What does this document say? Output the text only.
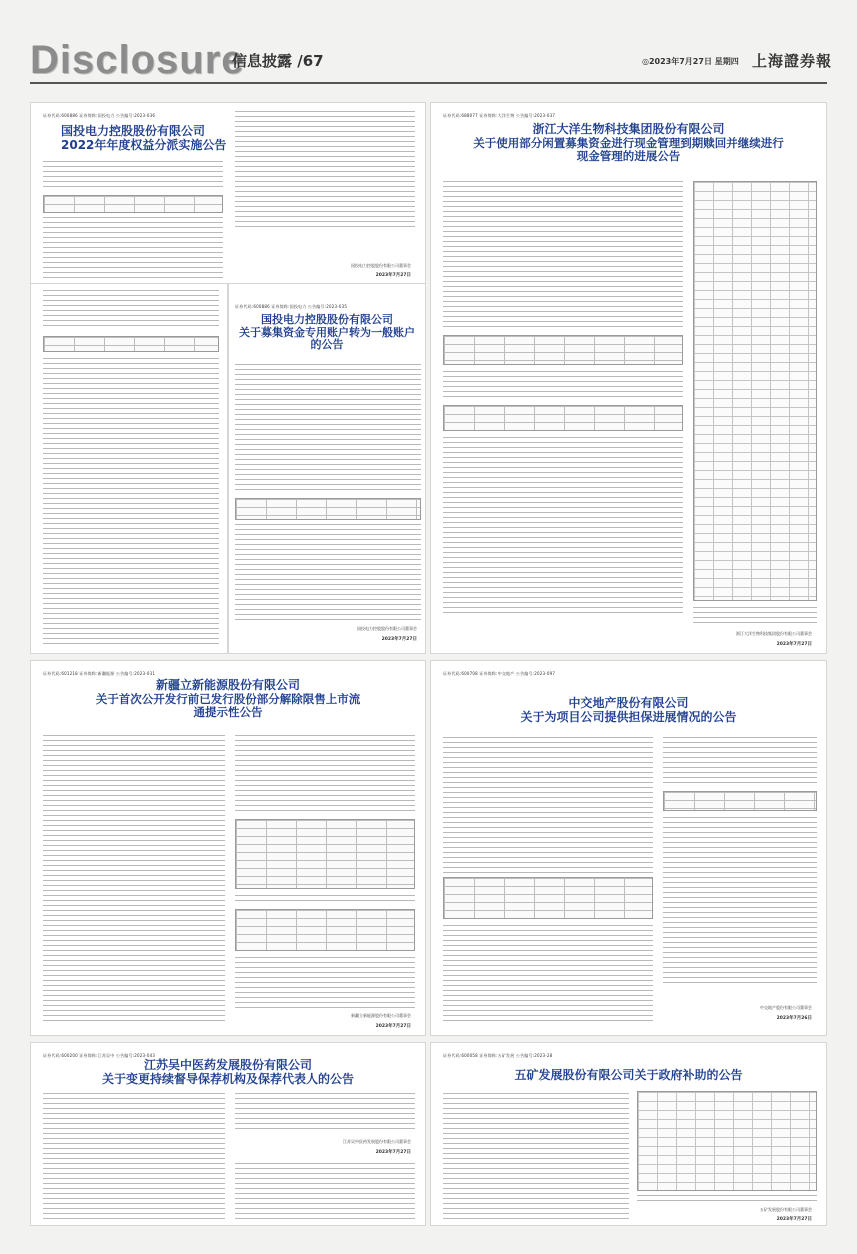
Disclosure
信息披露 /67	◎2023年7月27日 星期四 上海證券報
证券代码:600886 证券简称:国投电力 公告编号:2023-036
国投电力控股股份有限公司
2022年年度权益分派实施公告
国投电力控股股份有限公司董事会
2023年7月27日
证券代码:600886 证券简称:国投电力 公告编号:2023-035
国投电力控股股份有限公司
关于募集资金专用账户转为一般账户的公告
国投电力控股股份有限公司董事会
2023年7月27日
证券代码:688077 证券简称:大洋生物 公告编号:2023-037
浙江大洋生物科技集团股份有限公司
关于使用部分闲置募集资金进行现金管理到期赎回并继续进行现金管理的进展公告
浙江大洋生物科技集团股份有限公司董事会
2023年7月27日
证券代码:601218 证券简称:新疆能源 公告编号:2023-031
新疆立新能源股份有限公司
关于首次公开发行前已发行股份部分解除限售上市流通提示性公告
新疆立新能源股份有限公司董事会
2023年7月27日
证券代码:600708 证券简称:中交地产 公告编号:2023-097
中交地产股份有限公司
关于为项目公司提供担保进展情况的公告
中交地产股份有限公司董事会
2023年7月26日
证券代码:600200 证券简称:江苏吴中 公告编号:2023-043
江苏吴中医药发展股份有限公司
关于变更持续督导保荐机构及保荐代表人的公告
江苏吴中医药发展股份有限公司董事会
2023年7月27日
证券代码:600058 证券简称:五矿发展 公告编号:2023-28
五矿发展股份有限公司关于政府补助的公告
五矿发展股份有限公司董事会
2023年7月27日
